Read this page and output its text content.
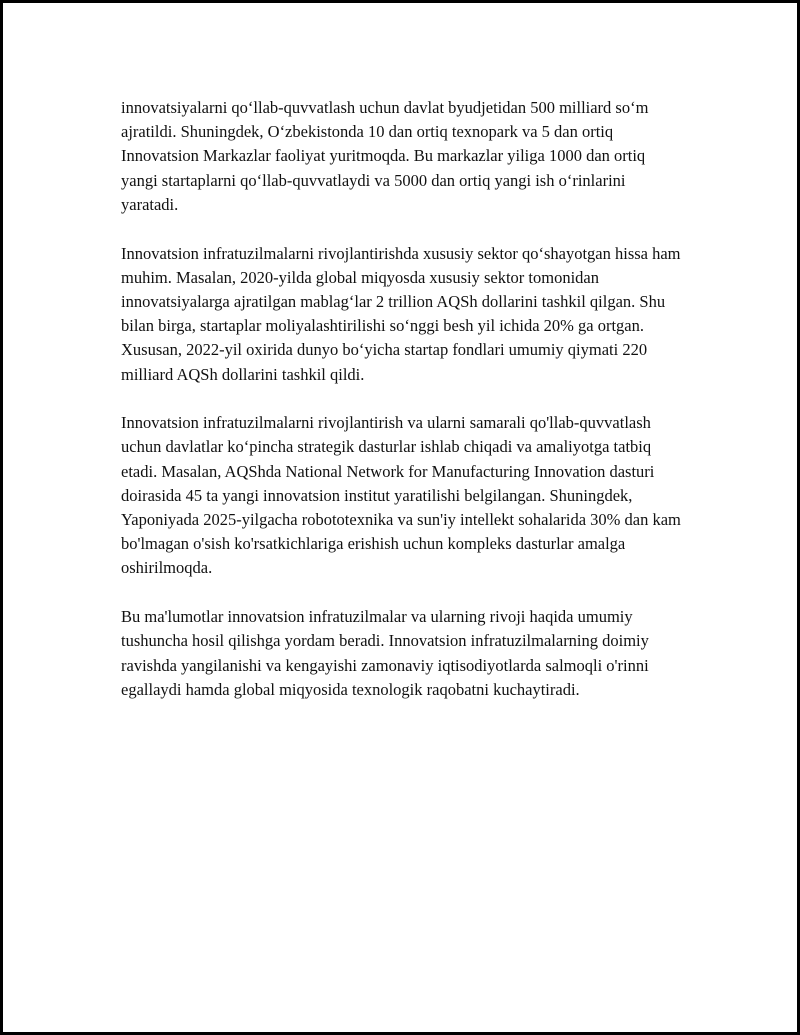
innovatsiyalarni qo‘llab-quvvatlash uchun davlat byudjetidan 500 milliard so‘m ajratildi. Shuningdek, O‘zbekistonda 10 dan ortiq texnopark va 5 dan ortiq Innovatsion Markazlar faoliyat yuritmoqda. Bu markazlar yiliga 1000 dan ortiq yangi startaplarni qo‘llab-quvvatlaydi va 5000 dan ortiq yangi ish o‘rinlarini yaratadi.

Innovatsion infratuzilmalarni rivojlantirishda xususiy sektor qo‘shayotgan hissa ham muhim. Masalan, 2020-yilda global miqyosda xususiy sektor tomonidan innovatsiyalarga ajratilgan mablag‘lar 2 trillion AQSh dollarini tashkil qilgan. Shu bilan birga, startaplar moliyalashtirilishi so‘nggi besh yil ichida 20% ga ortgan. Xususan, 2022-yil oxirida dunyo bo‘yicha startap fondlari umumiy qiymati 220 milliard AQSh dollarini tashkil qildi.

Innovatsion infratuzilmalarni rivojlantirish va ularni samarali qo'llab-quvvatlash uchun davlatlar ko‘pincha strategik dasturlar ishlab chiqadi va amaliyotga tatbiq etadi. Masalan, AQShda National Network for Manufacturing Innovation dasturi doirasida 45 ta yangi innovatsion institut yaratilishi belgilangan. Shuningdek, Yaponiyada 2025-yilgacha robototexnika va sun'iy intellekt sohalarida 30% dan kam bo'lmagan o'sish ko'rsatkichlariga erishish uchun kompleks dasturlar amalga oshirilmoqda.

Bu ma'lumotlar innovatsion infratuzilmalar va ularning rivoji haqida umumiy tushuncha hosil qilishga yordam beradi. Innovatsion infratuzilmalarning doimiy ravishda yangilanishi va kengayishi zamonaviy iqtisodiyotlarda salmoqli o'rinni egallaydi hamda global miqyosida texnologik raqobatni kuchaytiradi.
